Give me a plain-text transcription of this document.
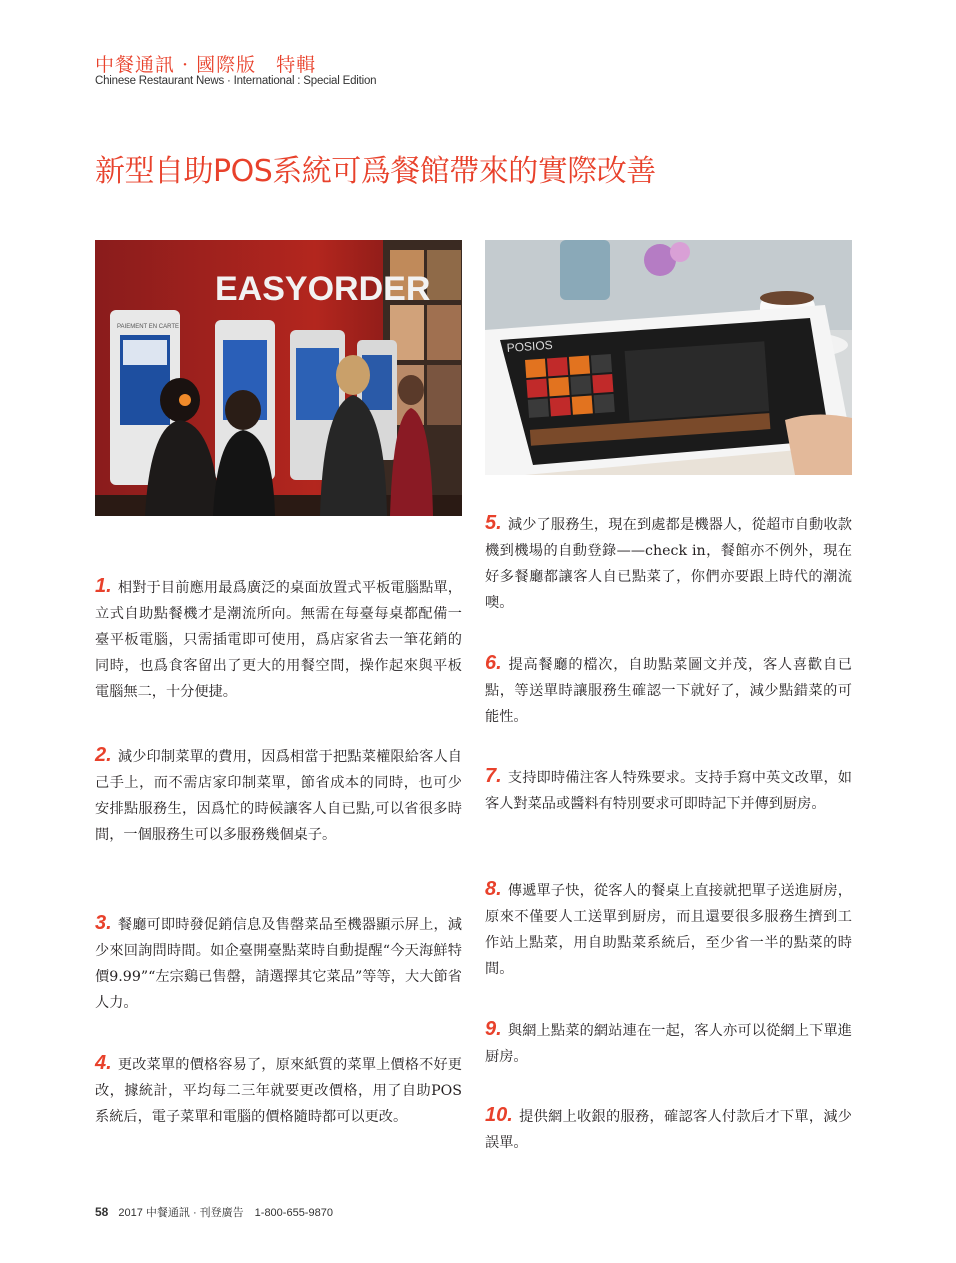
中餐通訊 · 國際版　特輯
Chinese Restaurant News · International : Special Edition
新型自助POS系統可爲餐館帶來的實際改善
EASYORDER
PAIEMENT EN CARTE
POSIOS
1. 相對于目前應用最爲廣泛的桌面放置式平板電腦點單，立式自助點餐機才是潮流所向。無需在每臺每桌都配備一臺平板電腦，只需插電即可使用，爲店家省去一筆花銷的同時，也爲食客留出了更大的用餐空間，操作起來與平板電腦無二，十分便捷。
2. 減少印制菜單的費用，因爲相當于把點菜權限給客人自己手上，而不需店家印制菜單，節省成本的同時，也可少安排點服務生，因爲忙的時候讓客人自已點,可以省很多時間，一個服務生可以多服務幾個桌子。
3. 餐廳可即時發促銷信息及售罄菜品至機器顯示屏上，減少來回詢問時間。如企臺開臺點菜時自動提醒“今天海鮮特價9.99”“左宗鷄已售罄，請選擇其它菜品”等等，大大節省人力。
4. 更改菜單的價格容易了，原來紙質的菜單上價格不好更改，據統計，平均每二三年就要更改價格，用了自助POS系統后，電子菜單和電腦的價格隨時都可以更改。
5. 減少了服務生，現在到處都是機器人，從超市自動收款機到機場的自動登錄——check in，餐館亦不例外，現在好多餐廳都讓客人自已點菜了，你們亦要跟上時代的潮流噢。
6. 提高餐廳的檔次，自助點菜圖文并茂，客人喜歡自已點，等送單時讓服務生確認一下就好了，減少點錯菜的可能性。
7. 支持即時備注客人特殊要求。支持手寫中英文改單，如客人對菜品或醬料有特別要求可即時記下并傳到厨房。
8. 傳遞單子快，從客人的餐桌上直接就把單子送進厨房，原來不僅要人工送單到厨房，而且還要很多服務生擠到工作站上點菜，用自助點菜系統后，至少省一半的點菜的時間。
9. 與網上點菜的網站連在一起，客人亦可以從網上下單進厨房。
10. 提供網上收銀的服務，確認客人付款后才下單，減少誤單。
58 2017 中餐通訊 · 刊登廣告　1-800-655-9870
